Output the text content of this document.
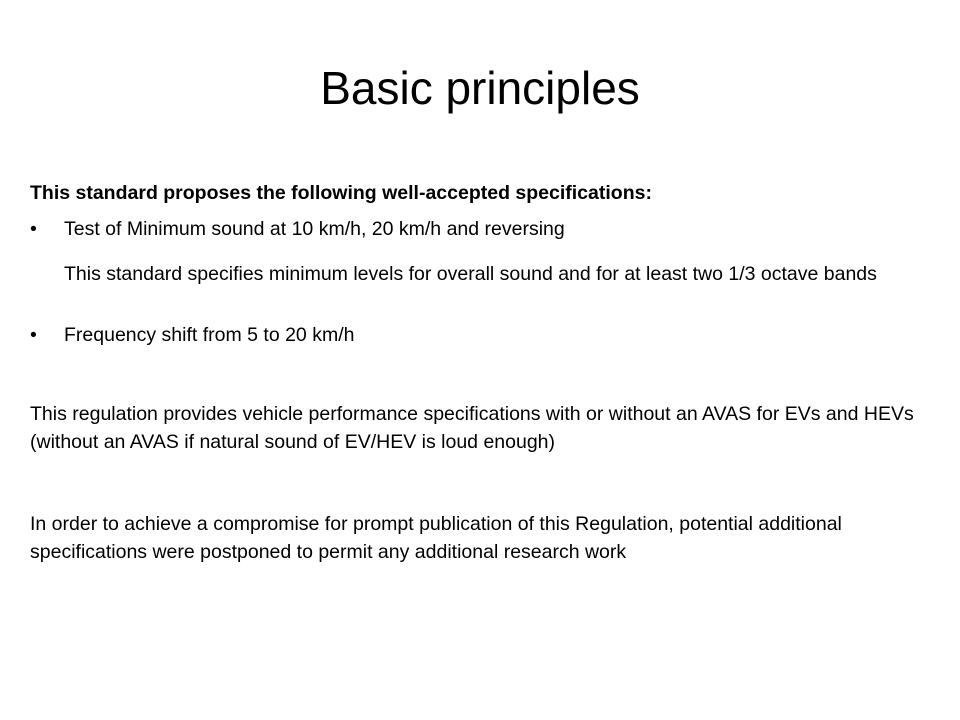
Basic principles

This standard proposes the following well-accepted specifications:

•	Test of Minimum sound at 10 km/h, 20 km/h and reversing

This standard specifies minimum levels for overall sound and for at least two 1/3 octave bands

•	Frequency shift from 5 to 20 km/h

This regulation provides vehicle performance specifications with or without an AVAS for EVs and HEVs (without an AVAS if natural sound of EV/HEV is loud enough)

In order to achieve a compromise for prompt publication of this Regulation, potential additional specifications were postponed to permit any additional research work
